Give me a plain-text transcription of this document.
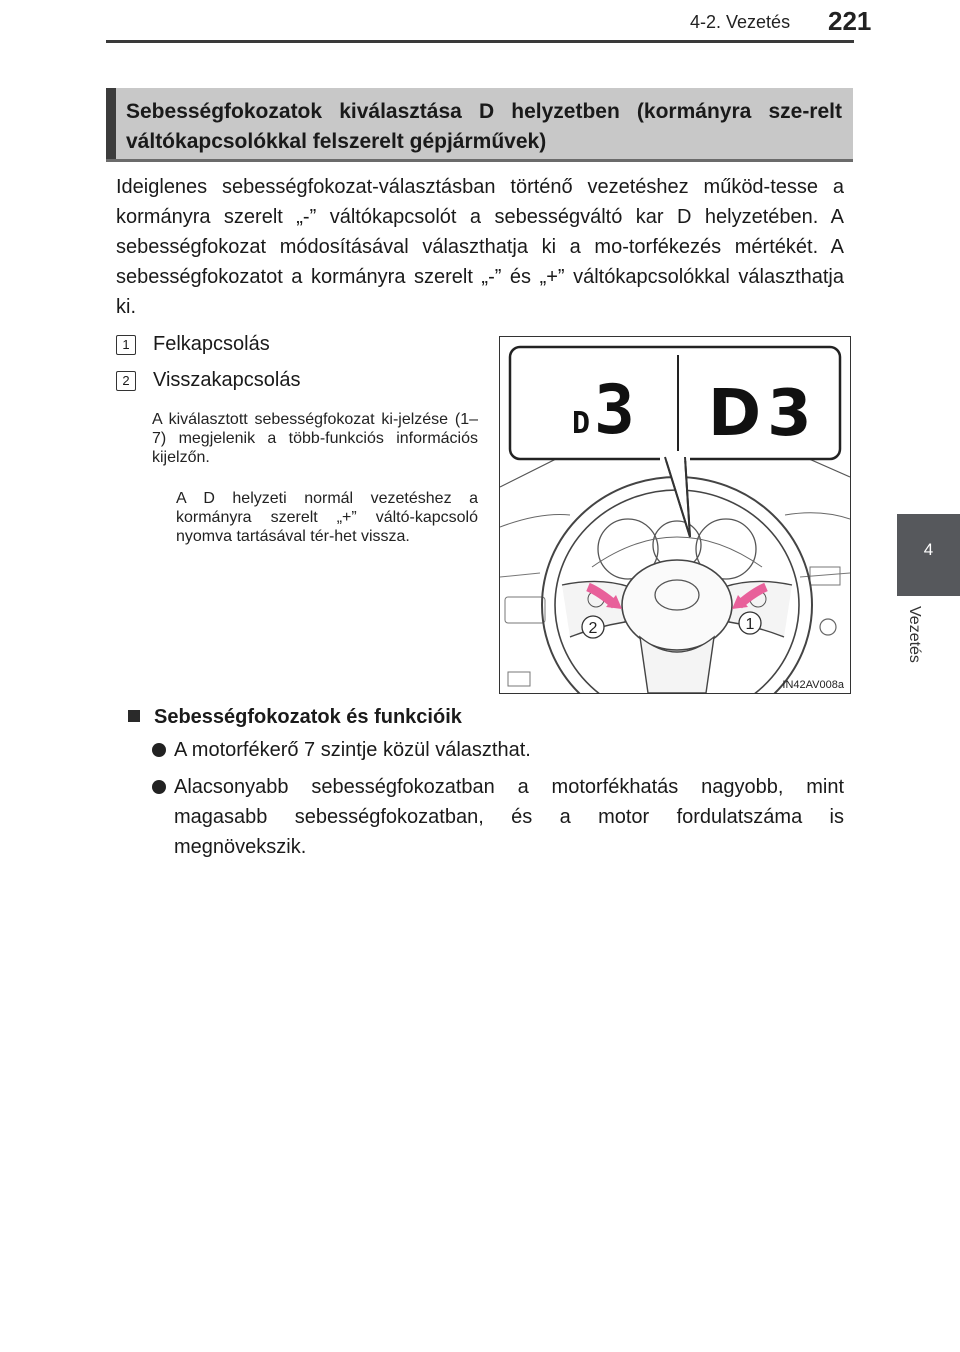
4-2. Vezetés 221
4
Vezetés
Sebességfokozatok kiválasztása D helyzetben (kormányra sze-relt váltókapcsolókkal felszerelt gépjárművek)
Ideiglenes sebességfokozat-választásban történő vezetéshez működ-tesse a kormányra szerelt „-” váltókapcsolót a sebességváltó kar D helyzetében. A sebességfokozat módosításával választhatja ki a mo-torfékezés mértékét. A sebességfokozatot a kormányra szerelt „-” és „+” váltókapcsolókkal választhatja ki.
1	Felkapcsolás
2	Visszakapcsolás
A kiválasztott sebességfokozat ki-jelzése (1–7) megjelenik a több-funkciós információs kijelzőn.
A D helyzeti normál vezetéshez a kormányra szerelt „+” váltó-kapcsoló nyomva tartásával tér-het vissza.
2	1
D 3 D3
IN42AV008a
Sebességfokozatok és funkcióik
A motorfékerő 7 szintje közül választhat.
Alacsonyabb sebességfokozatban a motorfékhatás nagyobb, mint magasabb sebességfokozatban, és a motor fordulatszáma is megnövekszik.
